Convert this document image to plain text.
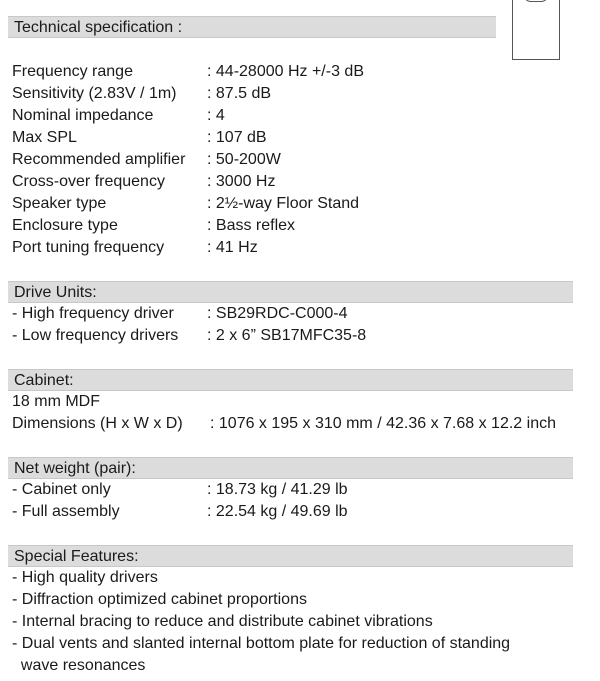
Technical specification :
Frequency range	: 44-28000 Hz +/-3 dB
Sensitivity (2.83V / 1m) : 87.5 dB
Nominal impedance	: 4
Max SPL	: 107 dB
Recommended amplifier : 50-200W
Cross-over frequency	: 3000 Hz
Speaker type	: 2½-way Floor Stand
Enclosure type	: Bass reflex
Port tuning frequency	: 41 Hz
Drive Units:
- High frequency driver : SB29RDC-C000-4
- Low frequency drivers : 2 x 6” SB17MFC35-8
Cabinet:
18 mm MDF
Dimensions (H x W x D) : 1076 x 195 x 310 mm / 42.36 x 7.68 x 12.2 inch
Net weight (pair):
- Cabinet only	: 18.73 kg / 41.29 lb
- Full assembly	: 22.54 kg / 49.69 lb
Special Features:
- High quality drivers
- Diffraction optimized cabinet proportions
- Internal bracing to reduce and distribute cabinet vibrations
- Dual vents and slanted internal bottom plate for reduction of standing
wave resonances
